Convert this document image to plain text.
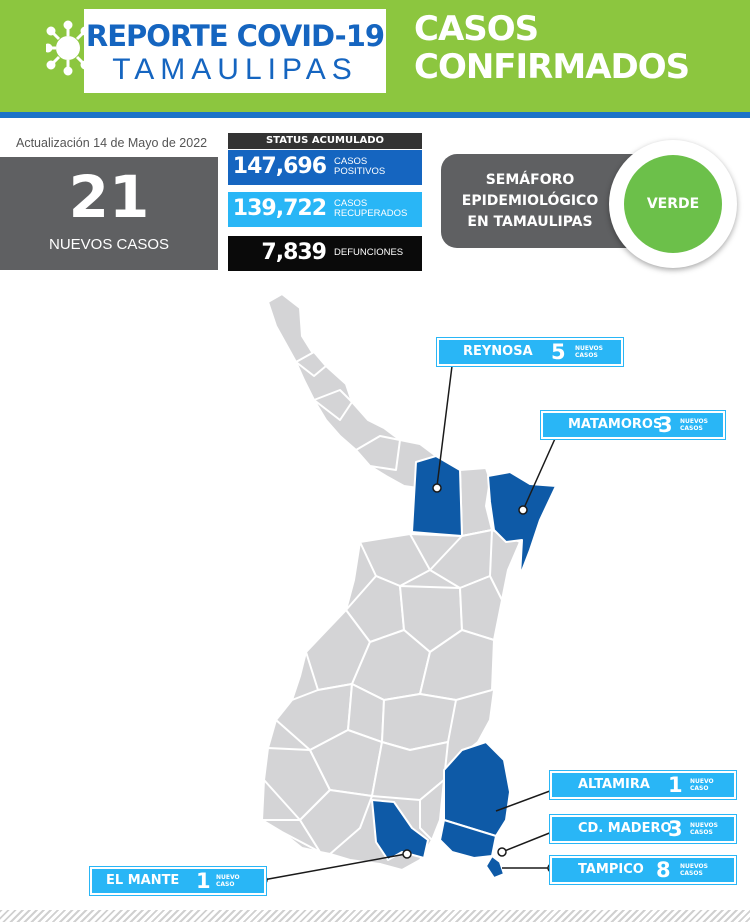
REPORTE COVID-19
TAMAULIPAS
CASOS
CONFIRMADOS
Actualización 14 de Mayo de 2022
21
NUEVOS CASOS
STATUS ACUMULADO
147,696 CASOS
POSITIVOS
139,722 CASOS
RECUPERADOS
7,839 DEFUNCIONES
SEMÁFORO
EPIDEMIOLÓGICO
EN TAMAULIPAS
VERDE
REYNOSA 5 NUEVOS
CASOS
MATAMOROS
3 NUEVOS
CASOS
ALTAMIRA 1 NUEVO
CASO
CD. MADERO
3 NUEVOS
CASOS
TAMPICO 8 NUEVOS
CASOS
EL MANTE 1 NUEVO
CASO
